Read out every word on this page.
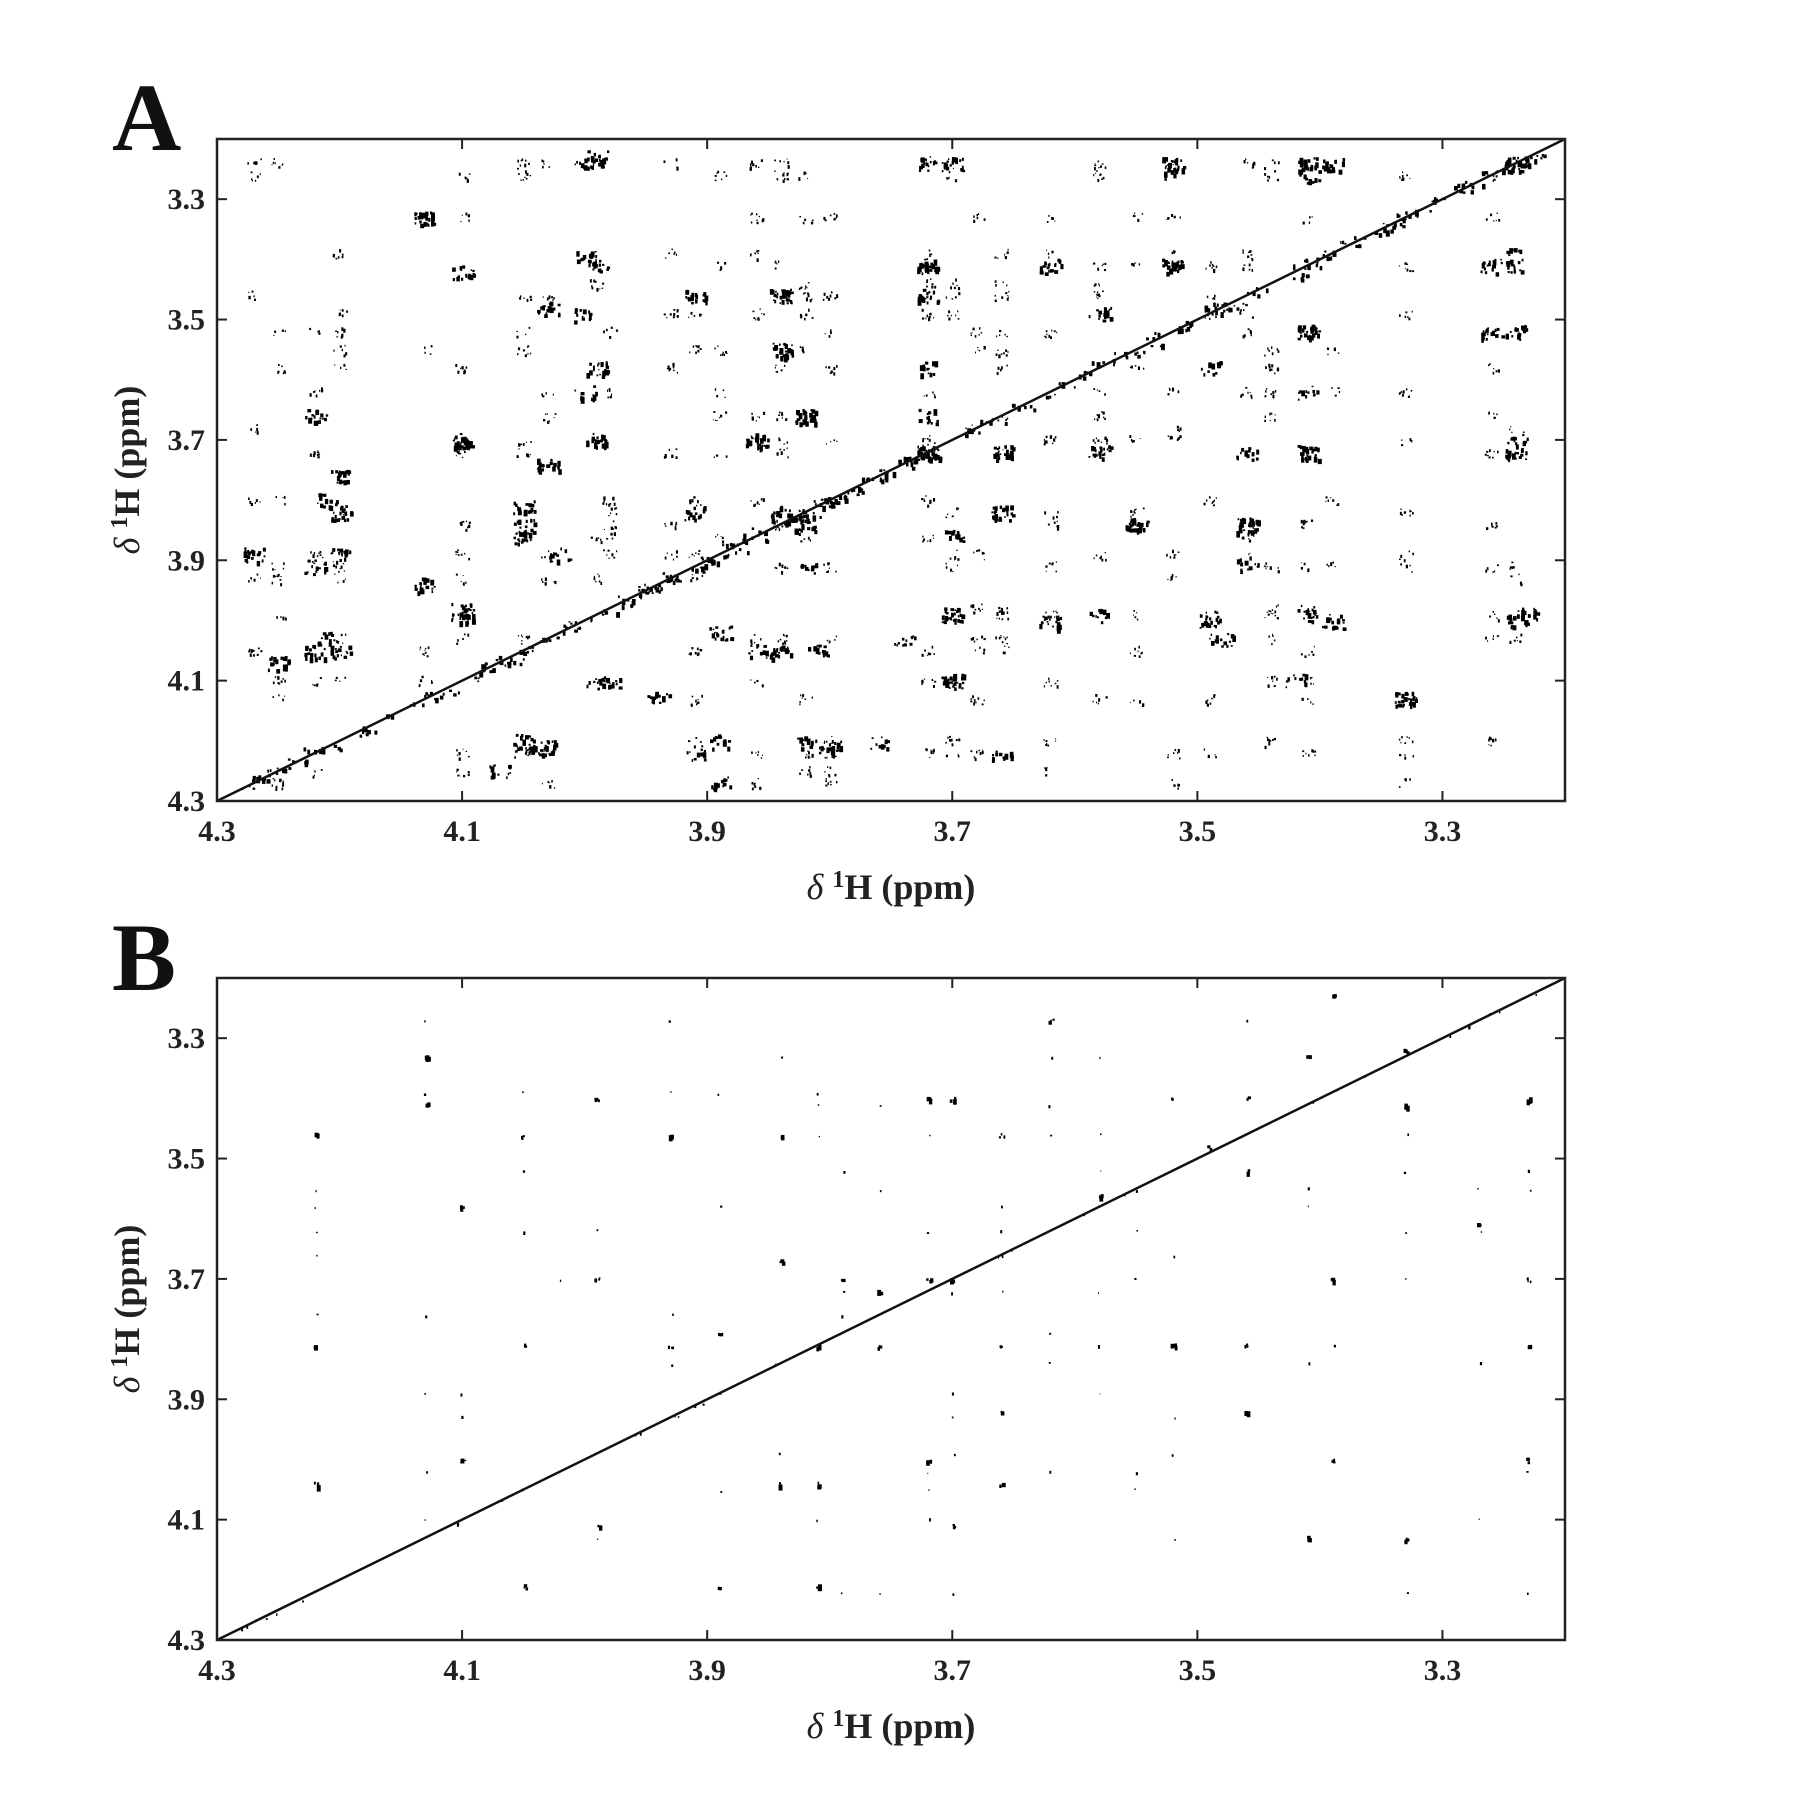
A
4.3	4.1	3.9	3.7	3.5	3.3
3.3
3.5
3.7
3.9
4.1
4.3
δ $^1$H (ppm)
δ $^1$H (ppm)
B
4.3	4.1	3.9	3.7	3.5	3.3
3.3
3.5
3.7
3.9
4.1
4.3
δ $^1$H (ppm)
δ $^1$H (ppm)
